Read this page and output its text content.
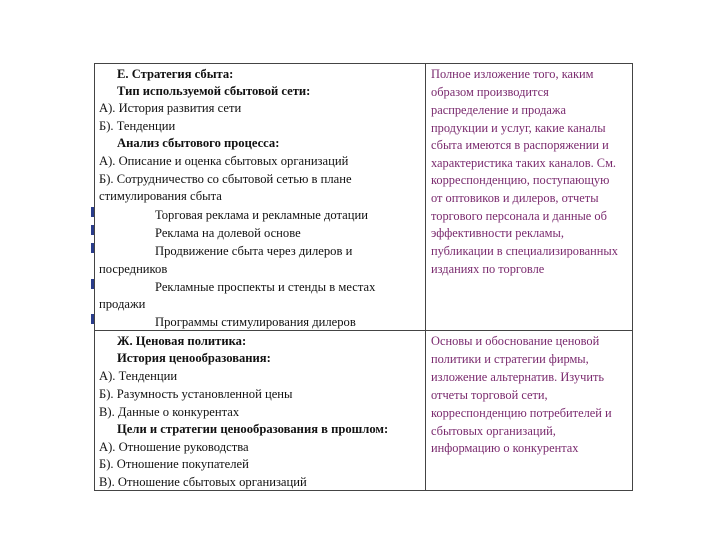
Е. Стратегия сбыта:
Тип используемой сбытовой сети:
А). История развития сети
Б). Тенденции
Анализ сбытового процесса:
А). Описание и оценка сбытовых организаций
Б). Сотрудничество со сбытовой сетью в плане
стимулирования сбыта
Торговая реклама и рекламные дотации
Реклама на долевой основе
Продвижение сбыта через дилеров и
посредников
Рекламные проспекты и стенды в местах
продажи
Программы стимулирования дилеров
Полное изложение того, каким
образом производится
распределение и продажа
продукции и услуг, какие каналы
сбыта имеются в распоряжении и
характеристика таких каналов. См.
корреспонденцию, поступающую
от оптовиков и дилеров, отчеты
торгового персонала и данные об
эффективности рекламы,
публикации в специализированных
изданиях по торговле
Ж. Ценовая политика:
История ценообразования:
А). Тенденции
Б). Разумность установленной цены
В). Данные о конкурентах
Цели и стратегии ценообразования в прошлом:
А). Отношение руководства
Б). Отношение покупателей
В). Отношение сбытовых организаций
Основы и обоснование ценовой
политики и стратегии фирмы,
изложение альтернатив. Изучить
отчеты торговой сети,
корреспонденцию потребителей и
сбытовых организаций,
информацию о конкурентах
